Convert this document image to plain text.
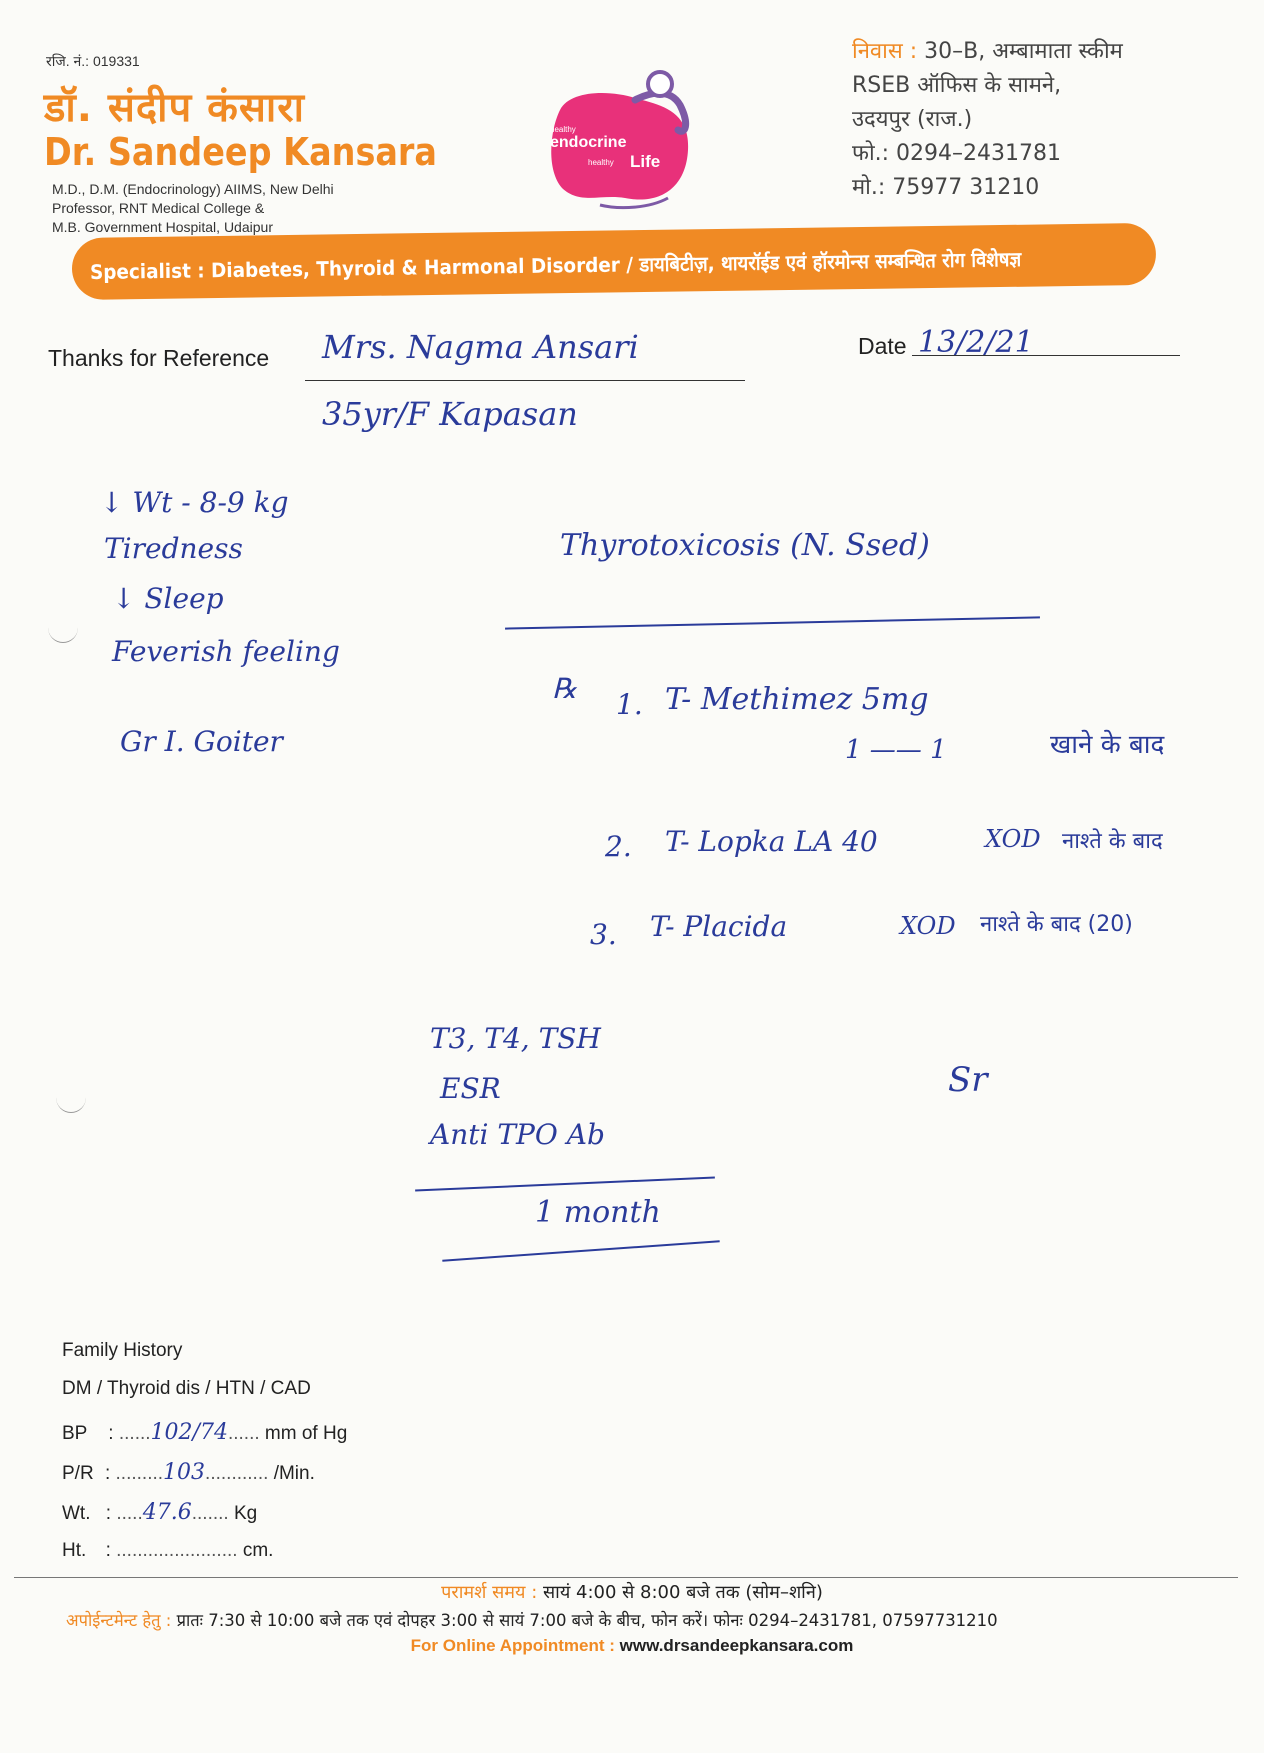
रजि. नं.: 019331
डॉ. संदीप कंसारा
Dr. Sandeep Kansara
M.D., D.M. (Endocrinology) AIIMS, New Delhi
Professor, RNT Medical College &
M.B. Government Hospital, Udaipur
healthy
endocrine
healthy Life
निवास : 30–B, अम्बामाता स्कीम
RSEB ऑफिस के सामने,
उदयपुर (राज.)
फो.: 0294–2431781
मो.: 75977 31210
Specialist : Diabetes, Thyroid & Harmonal Disorder / डायबिटीज़, थायरॉईड एवं हॉरमोन्स सम्बन्धित रोग विशेषज्ञ
Thanks for Reference Mrs. Nagma Ansari
35yr/F Kapasan
Date 13/2/21
↓ Wt - 8-9 kg
Tiredness
↓ Sleep
Feverish feeling
Gr I. Goiter
Thyrotoxicosis (N. Ssed)
℞ 1. T- Methimez 5mg
1 —— 1	खाने के बाद
2. T- Lopka LA 40	XOD नाश्ते के बाद
3. T- Placida	XOD नाश्ते के बाद (20)
Sr
T3, T4, TSH
ESR
Anti TPO Ab
1 month
Family History
DM / Thyroid dis / HTN / CAD
BP : ......102/74...... mm of Hg
P/R : .........103............ /Min.
Wt. : .....47.6....... Kg
Ht. : ....................... cm.
परामर्श समय : सायं 4:00 से 8:00 बजे तक (सोम–शनि)
अपोईन्टमेन्ट हेतु : प्रातः 7:30 से 10:00 बजे तक एवं दोपहर 3:00 से सायं 7:00 बजे के बीच, फोन करें। फोनः 0294–2431781, 07597731210
For Online Appointment : www.drsandeepkansara.com
